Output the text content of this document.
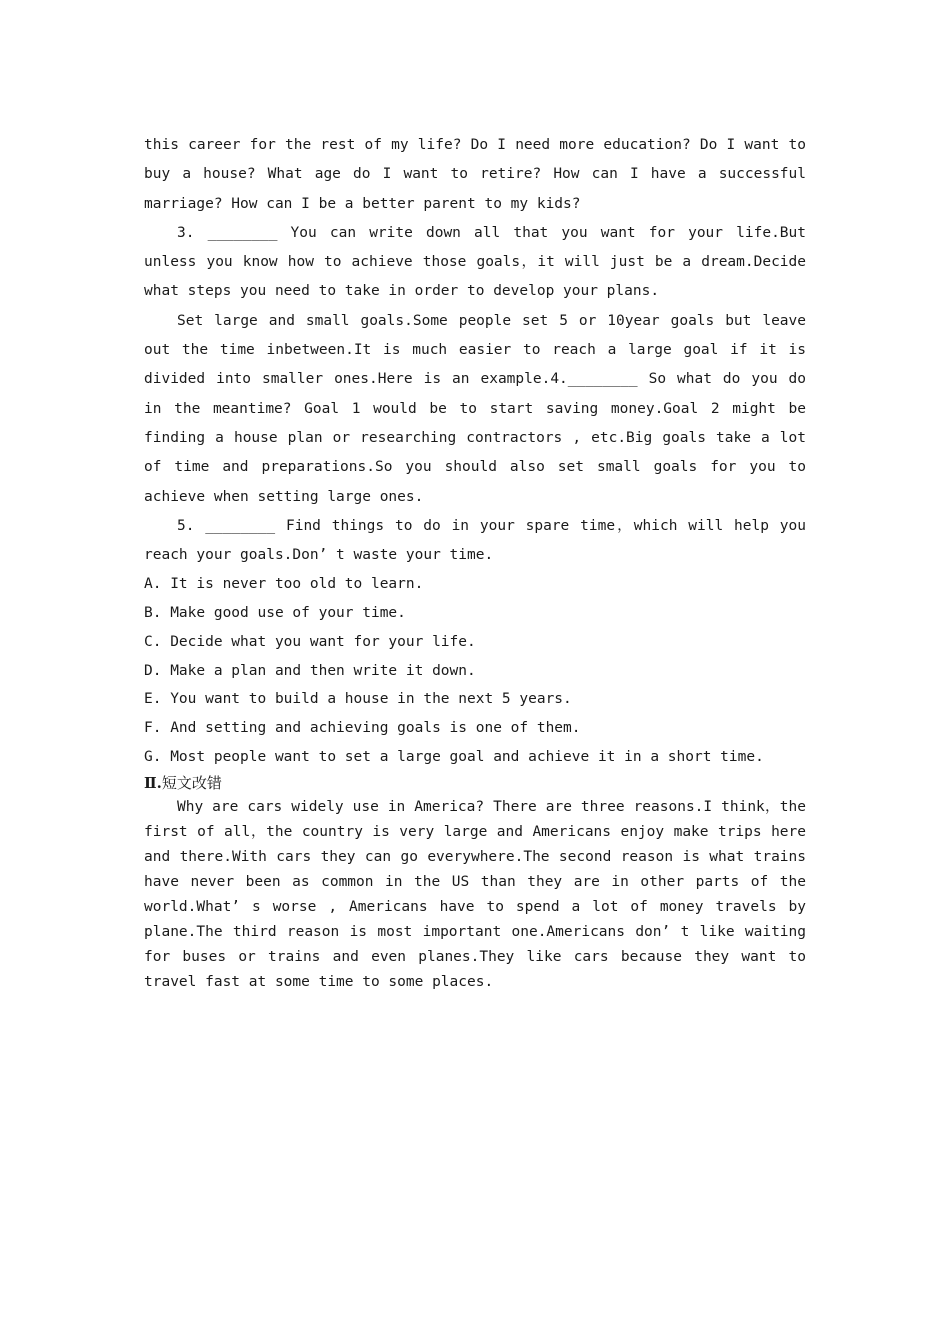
this career for the rest of my life? Do I need more education? Do I want to buy a house? What age do I want to retire? How can I have a successful marriage? How can I be a better parent to my kids?

3. ________ You can write down all that you want for your life.But unless you know how to achieve those goals，it will just be a dream.Decide what steps you need to take in order to develop your plans.

Set large and small goals.Some people set 5 or 10year goals but leave out the time inbetween.It is much easier to reach a large goal if it is divided into smaller ones.Here is an example.4.________ So what do you do in the meantime? Goal 1 would be to start saving money.Goal 2 might be finding a house plan or researching contractors , etc.Big goals take a lot of time and preparations.So you should also set small goals for you to achieve when setting large ones.

5. ________ Find things to do in your spare time，which will help you reach your goals.Don’ t waste your time.

A. It is never too old to learn.
B. Make good use of your time.
C. Decide what you want for your life.
D. Make a plan and then write it down.
E. You want to build a house in the next 5 years.
F. And setting and achieving goals is one of them.
G. Most people want to set a large goal and achieve it in a short time.
Ⅱ.短文改错

Why are cars widely use in America? There are three reasons.I think，the first of all，the country is very large and Americans enjoy make trips here and there.With cars they can go everywhere.The second reason is what trains have never been as common in the US than they are in other parts of the world.What’ s worse , Americans have to spend a lot of money travels by plane.The third reason is most important one.Americans don’ t like waiting for buses or trains and even planes.They like cars because they want to travel fast at some time to some places.
